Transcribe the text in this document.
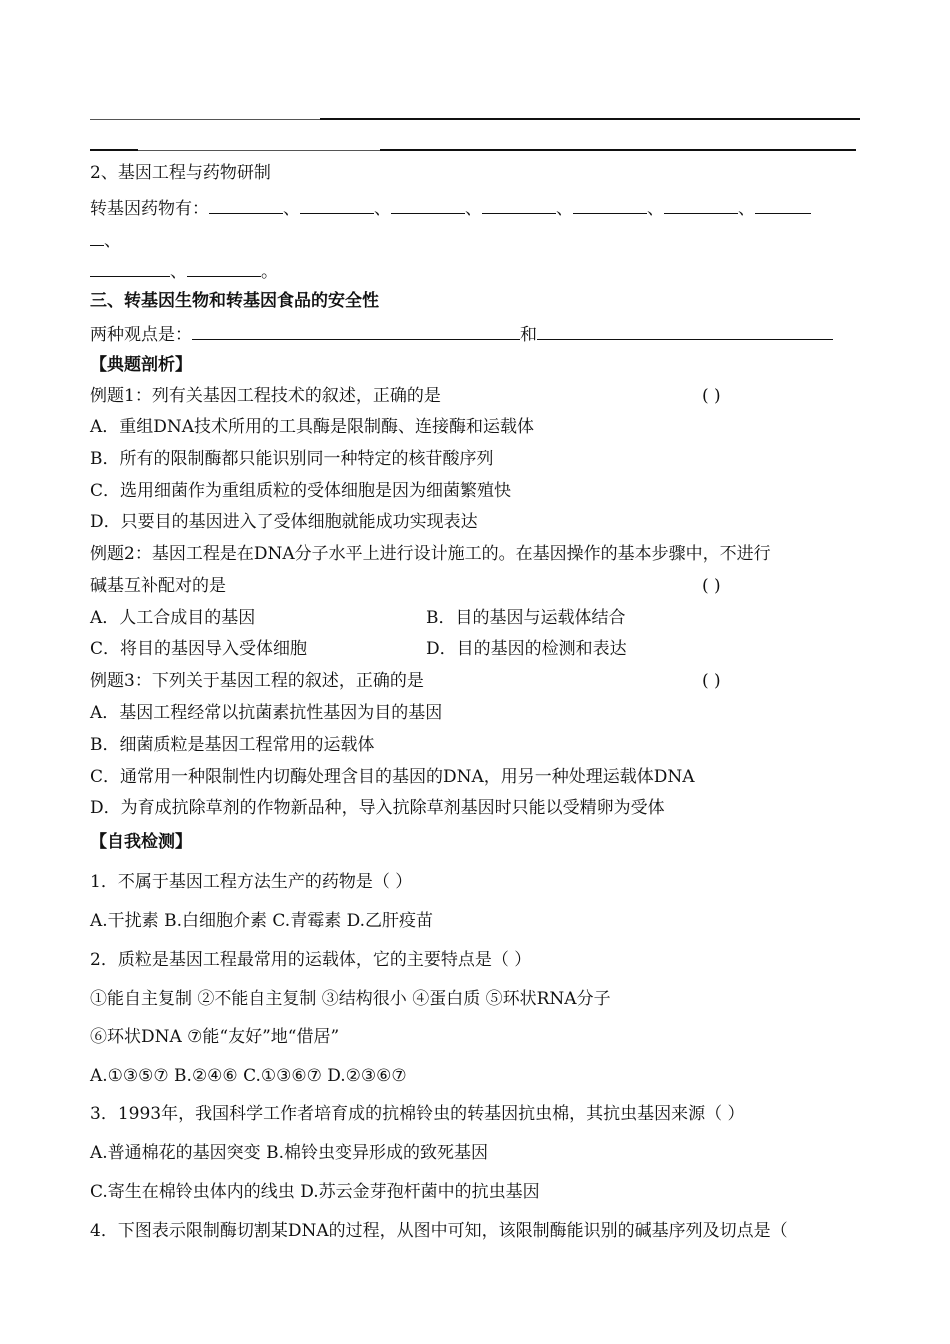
2、基因工程与药物研制
转基因药物有：	、	、	、	、	、	、
、
、	。
三、转基因生物和转基因食品的安全性
两种观点是：	和
【典题剖析】
例题1：列有关基因工程技术的叙述，正确的是	( )
A．重组DNA技术所用的工具酶是限制酶、连接酶和运载体
B．所有的限制酶都只能识别同一种特定的核苷酸序列
C．选用细菌作为重组质粒的受体细胞是因为细菌繁殖快
D．只要目的基因进入了受体细胞就能成功实现表达
例题2：基因工程是在DNA分子水平上进行设计施工的。在基因操作的基本步骤中，不进行
碱基互补配对的是	( )
A．人工合成目的基因	B．目的基因与运载体结合
C．将目的基因导入受体细胞	D．目的基因的检测和表达
例题3：下列关于基因工程的叙述，正确的是	( )
A．基因工程经常以抗菌素抗性基因为目的基因
B．细菌质粒是基因工程常用的运载体
C．通常用一种限制性内切酶处理含目的基因的DNA，用另一种处理运载体DNA
D．为育成抗除草剂的作物新品种，导入抗除草剂基因时只能以受精卵为受体
【自我检测】
1．不属于基因工程方法生产的药物是（ ）
A.干扰素 B.白细胞介素 C.青霉素 D.乙肝疫苗
2．质粒是基因工程最常用的运载体，它的主要特点是（ ）
①能自主复制 ②不能自主复制 ③结构很小 ④蛋白质 ⑤环状RNA分子
⑥环状DNA ⑦能“友好”地“借居”
A.①③⑤⑦ B.②④⑥ C.①③⑥⑦ D.②③⑥⑦
3．1993年，我国科学工作者培育成的抗棉铃虫的转基因抗虫棉，其抗虫基因来源（ ）
A.普通棉花的基因突变 B.棉铃虫变异形成的致死基因
C.寄生在棉铃虫体内的线虫 D.苏云金芽孢杆菌中的抗虫基因
4．下图表示限制酶切割某DNA的过程，从图中可知，该限制酶能识别的碱基序列及切点是（
